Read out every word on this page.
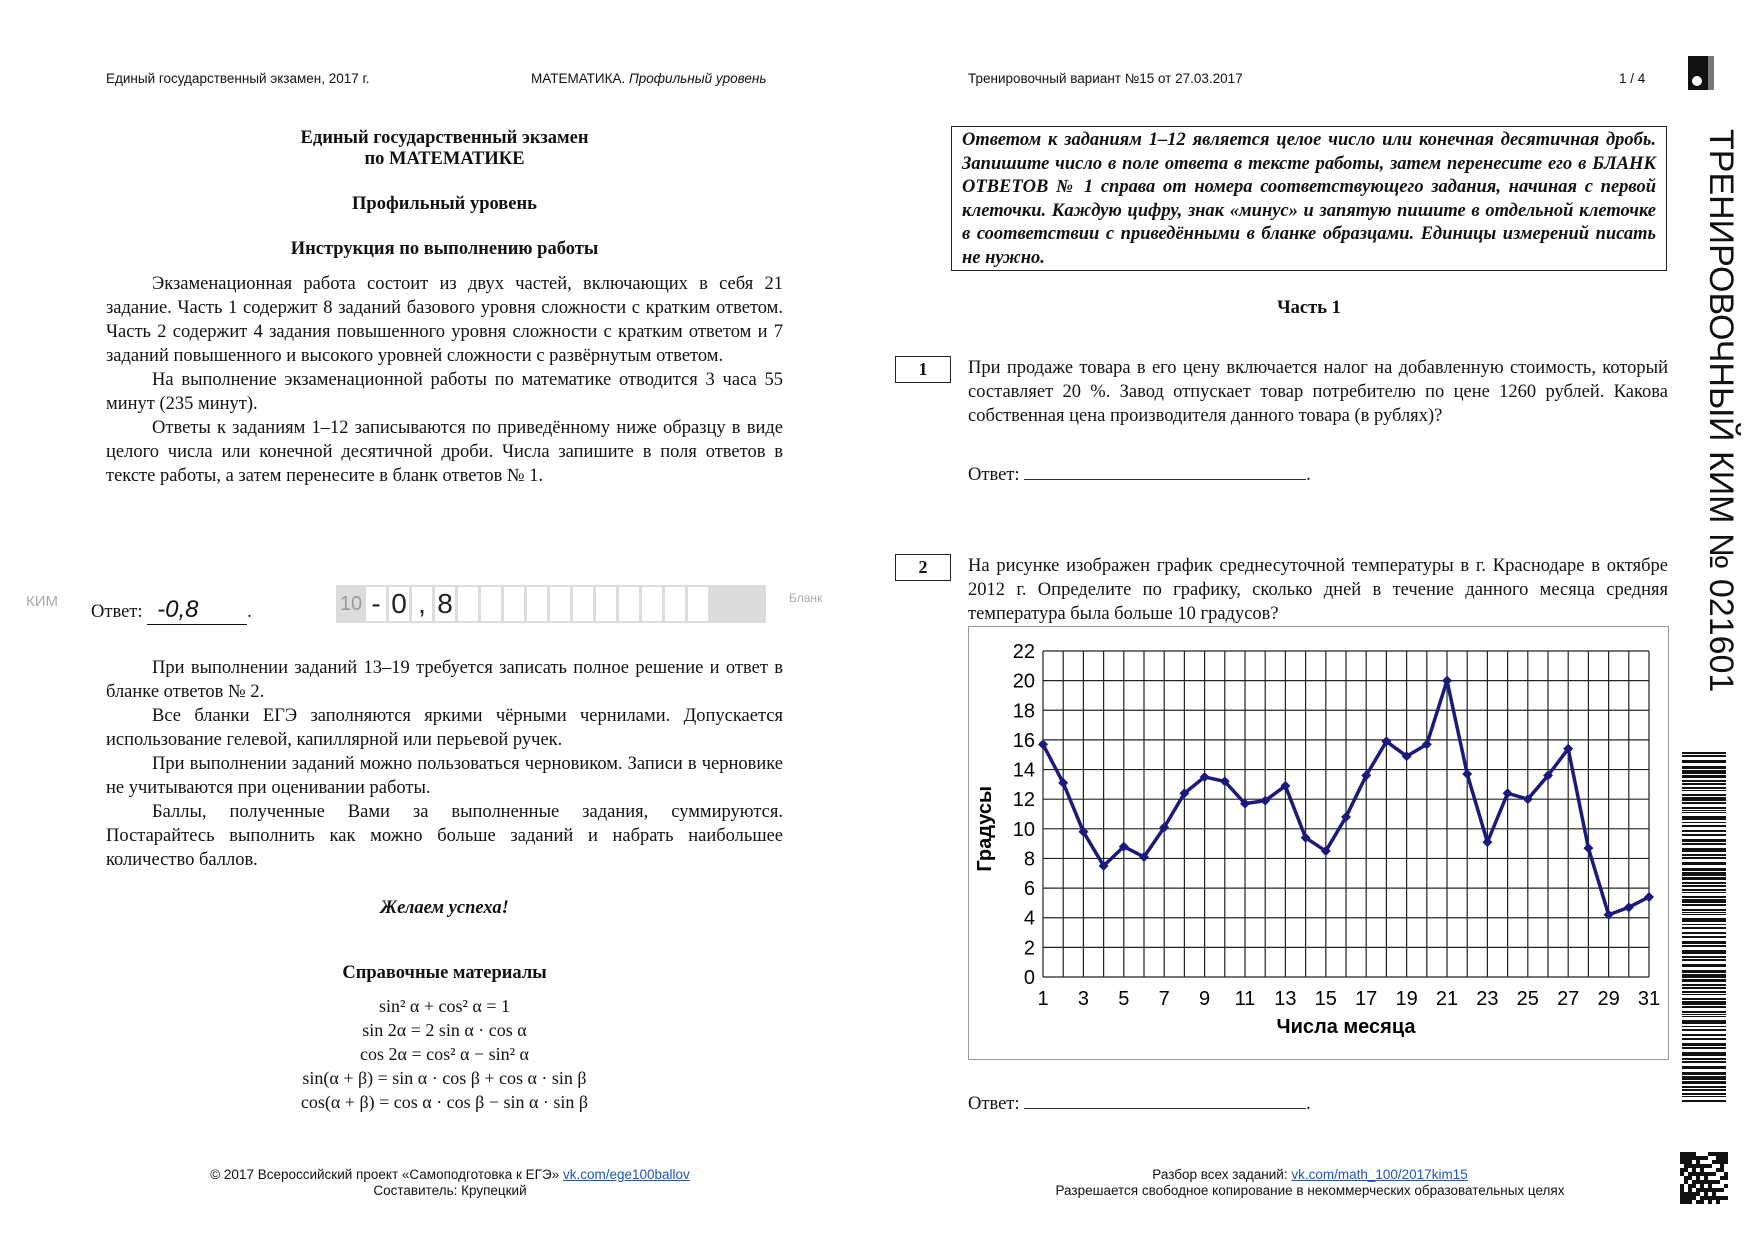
Единый государственный экзамен, 2017 г.	МАТЕМАТИКА. Профильный уровень	Тренировочный вариант №15 от 27.03.2017	1 / 4
Единый государственный экзамен
по МАТЕМАТИКЕ
Профильный уровень
Инструкция по выполнению работы
Экзаменационная работа состоит из двух частей, включающих в себя 21 задание. Часть 1 содержит 8 заданий базового уровня сложности с кратким ответом. Часть 2 содержит 4 задания повышенного уровня сложности с кратким ответом и 7 заданий повышенного и высокого уровней сложности с развёрнутым ответом.
На выполнение экзаменационной работы по математике отводится 3 часа 55 минут (235 минут).
Ответы к заданиям 1–12 записываются по приведённому ниже образцу в виде целого числа или конечной десятичной дроби. Числа запишите в поля ответов в тексте работы, а затем перенесите в бланк ответов № 1.
КИМ
Ответ: -0,8	.	10 - 0 , 8	Бланк
При выполнении заданий 13–19 требуется записать полное решение и ответ в бланке ответов № 2.
Все бланки ЕГЭ заполняются яркими чёрными чернилами. Допускается использование гелевой, капиллярной или перьевой ручек.
При выполнении заданий можно пользоваться черновиком. Записи в черновике не учитываются при оценивании работы.
Баллы, полученные Вами за выполненные задания, суммируются. Постарайтесь выполнить как можно больше заданий и набрать наибольшее количество баллов.
Желаем успеха!
Справочные материалы
sin² α + cos² α = 1
sin 2α = 2 sin α · cos α
cos 2α = cos² α − sin² α
sin(α + β) = sin α · cos β + cos α · sin β
cos(α + β) = cos α · cos β − sin α · sin β
Ответом к заданиям 1–12 является целое число или конечная десятичная дробь. Запишите число в поле ответа в тексте работы, затем перенесите его в БЛАНК ОТВЕТОВ № 1 справа от номера соответствующего задания, начиная с первой клеточки. Каждую цифру, знак «минус» и запятую пишите в отдельной клеточке в соответствии с приведёнными в бланке образцами. Единицы измерений писать не нужно.
Часть 1
1	При продаже товара в его цену включается налог на добавленную стоимость, который составляет 20 %. Завод отпускает товар потребителю по цене 1260 рублей. Какова собственная цена производителя данного товара (в рублях)?
Ответ:	.
2	На рисунке изображен график среднесуточной температуры в г. Краснодаре в октябре 2012 г. Определите по графику, сколько дней в течение данного месяца средняя температура была больше 10 градусов?
0
2
4
6
8
10
12
14
16
18
20
22
1 3 5 7 9 11 13 15 17 19 21 23 25 27 29 31
Числа месяца
Градусы
Ответ:	.
ТРЕНИРОВОЧНЫЙ КИМ № 021601
© 2017 Всероссийский проект «Самоподготовка к ЕГЭ» vk.com/ege100ballov
Составитель: Крупецкий
Разбор всех заданий: vk.com/math_100/2017kim15
Разрешается свободное копирование в некоммерческих образовательных целях
